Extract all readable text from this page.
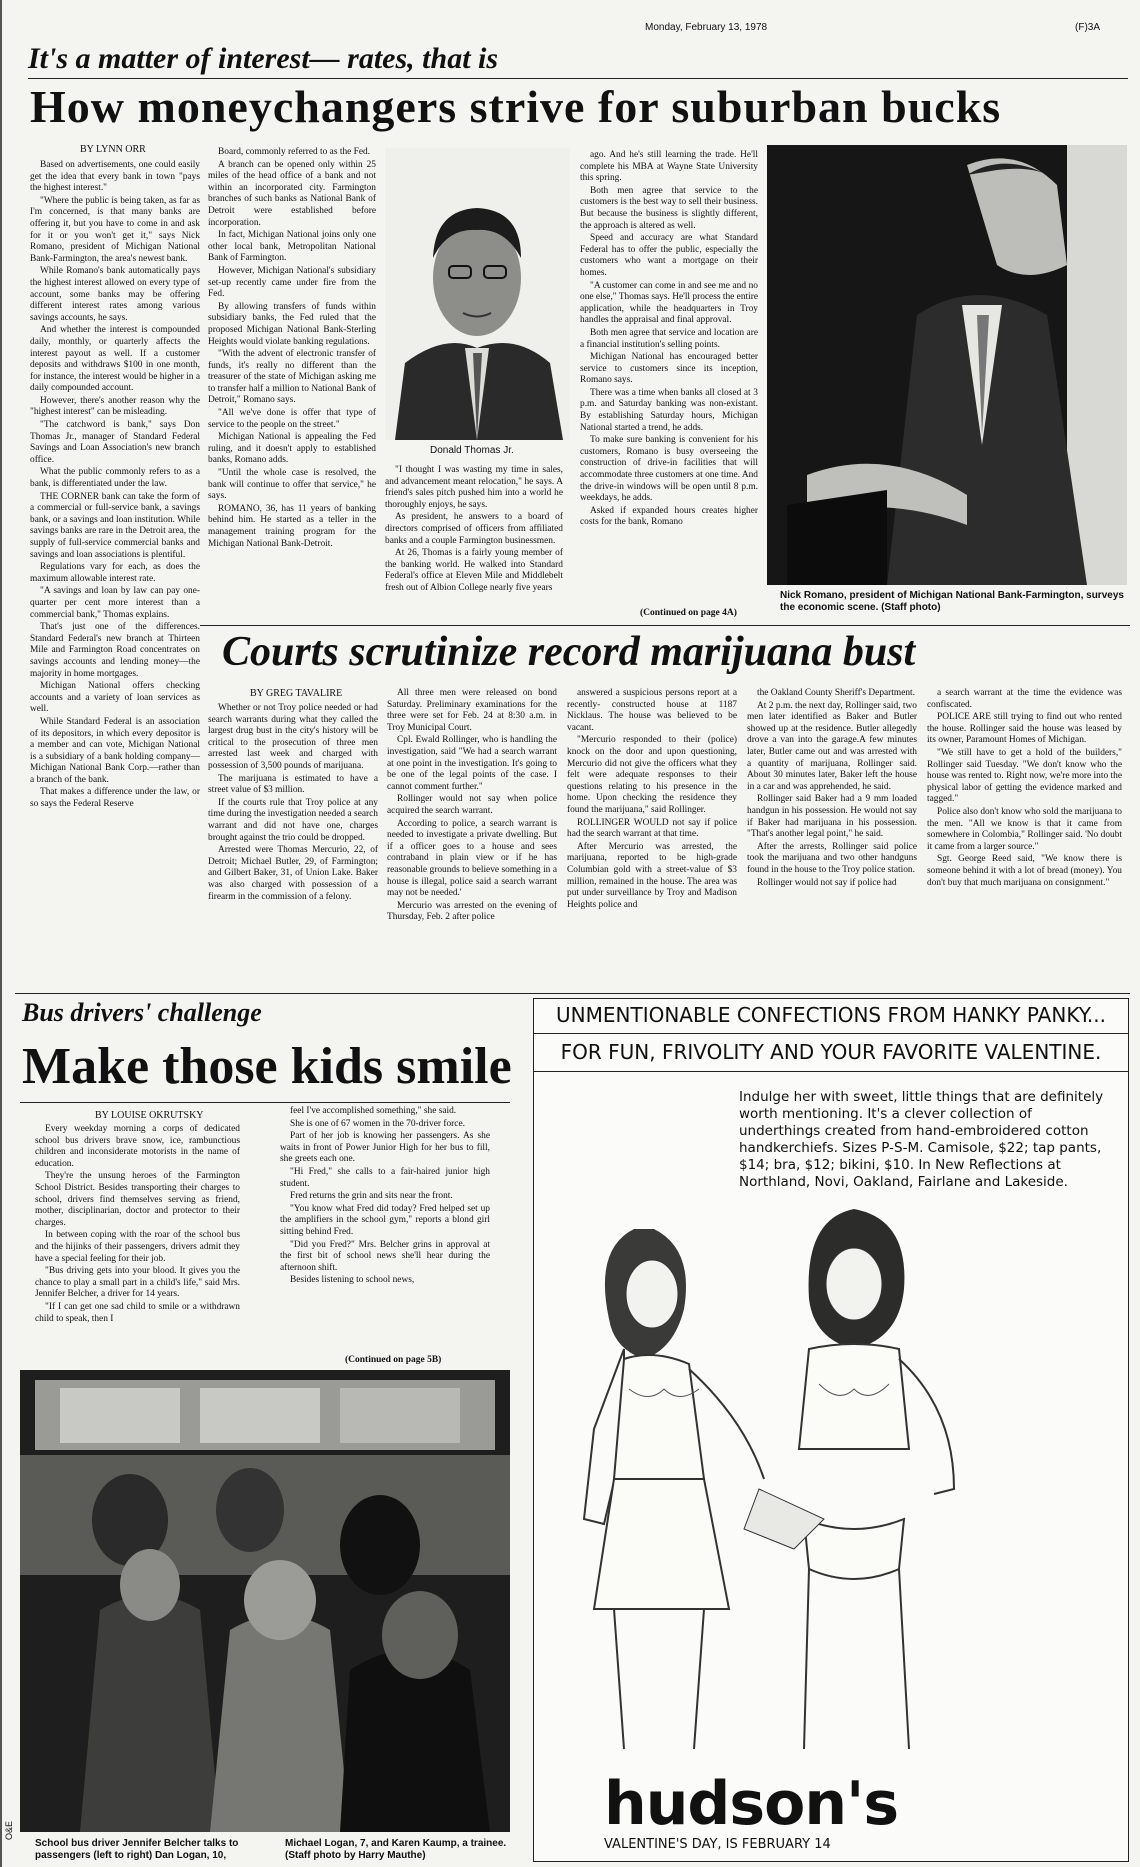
Monday, February 13, 1978	(F)3A
It's a matter of interest— rates, that is
How moneychangers strive for suburban bucks
BY LYNN ORR

Based on advertisements, one could easily get the idea that every bank in town "pays the highest interest."

"Where the public is being taken, as far as I'm concerned, is that many banks are offering it, but you have to come in and ask for it or you won't get it," says Nick Romano, president of Michigan National Bank-Farmington, the area's newest bank.

While Romano's bank automatically pays the highest interest allowed on every type of account, some banks may be offering different interest rates among various savings accounts, he says.

And whether the interest is compounded daily, monthly, or quarterly affects the interest payout as well. If a customer deposits and withdraws $100 in one month, for instance, the interest would be higher in a daily compounded account.

However, there's another reason why the "highest interest" can be misleading.

"The catchword is bank," says Don Thomas Jr., manager of Standard Federal Savings and Loan Association's new branch office.

What the public commonly refers to as a bank, is differentiated under the law.

THE CORNER bank can take the form of a commercial or full-service bank, a savings bank, or a savings and loan institution. While savings banks are rare in the Detroit area, the supply of full-service commercial banks and savings and loan associations is plentiful.

Regulations vary for each, as does the maximum allowable interest rate.

"A savings and loan by law can pay one-quarter per cent more interest than a commercial bank," Thomas explains.

That's just one of the differences. Standard Federal's new branch at Thirteen Mile and Farmington Road concentrates on savings accounts and lending money—the majority in home mortgages.

Michigan National offers checking accounts and a variety of loan services as well.

While Standard Federal is an association of its depositors, in which every depositor is a member and can vote, Michigan National is a subsidiary of a bank holding company—Michigan National Bank Corp.—rather than a branch of the bank.

That makes a difference under the law, or so says the Federal Reserve

Board, commonly referred to as the Fed.

A branch can be opened only within 25 miles of the head office of a bank and not within an incorporated city. Farmington branches of such banks as National Bank of Detroit were established before incorporation.

In fact, Michigan National joins only one other local bank, Metropolitan National Bank of Farmington.

However, Michigan National's subsidiary set-up recently came under fire from the Fed.

By allowing transfers of funds within subsidiary banks, the Fed ruled that the proposed Michigan National Bank-Sterling Heights would violate banking regulations.

"With the advent of electronic transfer of funds, it's really no different than the treasurer of the state of Michigan asking me to transfer half a million to National Bank of Detroit," Romano says.

"All we've done is offer that type of service to the people on the street."

Michigan National is appealing the Fed ruling, and it doesn't apply to established banks, Romano adds.

"Until the whole case is resolved, the bank will continue to offer that service," he says.

ROMANO, 36, has 11 years of banking behind him. He started as a teller in the management training program for the Michigan National Bank-Detroit.

Donald Thomas Jr.

"I thought I was wasting my time in sales, and advancement meant relocation," he says. A friend's sales pitch pushed him into a world he thoroughly enjoys, he says.

As president, he answers to a board of directors comprised of officers from affiliated banks and a couple Farmington businessmen.

At 26, Thomas is a fairly young member of the banking world. He walked into Standard Federal's office at Eleven Mile and Middlebelt fresh out of Albion College nearly five years

ago. And he's still learning the trade. He'll complete his MBA at Wayne State University this spring.

Both men agree that service to the customers is the best way to sell their business. But because the business is slightly different, the approach is altered as well.

Speed and accuracy are what Standard Federal has to offer the public, especially the customers who want a mortgage on their homes.

"A customer can come in and see me and no one else," Thomas says. He'll process the entire application, while the headquarters in Troy handles the appraisal and final approval.

Both men agree that service and location are a financial institution's selling points.

Michigan National has encouraged better service to customers since its inception, Romano says.

There was a time when banks all closed at 3 p.m. and Saturday banking was non-existant. By establishing Saturday hours, Michigan National started a trend, he adds.

To make sure banking is convenient for his customers, Romano is busy overseeing the construction of drive-in facilities that will accommodate three customers at one time. And the drive-in windows will be open until 8 p.m. weekdays, he adds.

Asked if expanded hours creates higher costs for the bank, Romano

(Continued on page 4A)
Nick Romano, president of Michigan National Bank-Farmington, surveys the economic scene. (Staff photo)
Courts scrutinize record marijuana bust
BY GREG TAVALIRE

Whether or not Troy police needed or had search warrants during what they called the largest drug bust in the city's history will be critical to the prosecution of three men arrested last week and charged with possession of 3,500 pounds of marijuana.

The marijuana is estimated to have a street value of $3 million.

If the courts rule that Troy police at any time during the investigation needed a search warrant and did not have one, charges brought against the trio could be dropped.

Arrested were Thomas Mercurio, 22, of Detroit; Michael Butler, 29, of Farmington; and Gilbert Baker, 31, of Union Lake. Baker was also charged with possession of a firearm in the commission of a felony.

All three men were released on bond Saturday. Preliminary examinations for the three were set for Feb. 24 at 8:30 a.m. in Troy Municipal Court.

Cpl. Ewald Rollinger, who is handling the investigation, said "We had a search warrant at one point in the investigation. It's going to be one of the legal points of the case. I cannot comment further."

Rollinger would not say when police acquired the search warrant.

According to police, a search warrant is needed to investigate a private dwelling. But if a officer goes to a house and sees contraband in plain view or if he has reasonable grounds to believe something in a house is illegal, police said a search warrant may not be needed.'

Mercurio was arrested on the evening of Thursday, Feb. 2 after police

answered a suspicious persons report at a recently- constructed house at 1187 Nicklaus. The house was believed to be vacant.

"Mercurio responded to their (police) knock on the door and upon questioning, Mercurio did not give the officers what they felt were adequate responses to their questions relating to his presence in the home. Upon checking the residence they found the marijuana," said Rollinger.

ROLLINGER WOULD not say if police had the search warrant at that time.

After Mercurio was arrested, the marijuana, reported to be high-grade Columbian gold with a street-value of $3 million, remained in the house. The area was put under surveillance by Troy and Madison Heights police and

the Oakland County Sheriff's Department.

At 2 p.m. the next day, Rollinger said, two men later identified as Baker and Butler showed up at the residence. Butler allegedly drove a van into the garage.A few minutes later, Butler came out and was arrested with a quantity of marijuana, Rollinger said. About 30 minutes later, Baker left the house in a car and was apprehended, he said.

Rollinger said Baker had a 9 mm loaded handgun in his possession. He would not say if Baker had marijuana in his possession. "That's another legal point," he said.

After the arrests, Rollinger said police took the marijuana and two other handguns found in the house to the Troy police station.

Rollinger would not say if police had

a search warrant at the time the evidence was confiscated.

POLICE ARE still trying to find out who rented the house. Rollinger said the house was leased by its owner, Paramount Homes of Michigan.

"We still have to get a hold of the builders," Rollinger said Tuesday. "We don't know who the house was rented to. Right now, we're more into the physical labor of getting the evidence marked and tagged."

Police also don't know who sold the marijuana to the men. "All we know is that it came from somewhere in Colombia," Rollinger said. 'No doubt it came from a larger source."

Sgt. George Reed said, "We know there is someone behind it with a lot of bread (money). You don't buy that much marijuana on consignment."

Bus drivers' challenge
Make those kids smile
BY LOUISE OKRUTSKY

Every weekday morning a corps of dedicated school bus drivers brave snow, ice, rambunctious children and inconsiderate motorists in the name of education.

They're the unsung heroes of the Farmington School District. Besides transporting their charges to school, drivers find themselves serving as friend, mother, disciplinarian, doctor and protector to their charges.

In between coping with the roar of the school bus and the hijinks of their passengers, drivers admit they have a special feeling for their job.

"Bus driving gets into your blood. It gives you the chance to play a small part in a child's life," said Mrs. Jennifer Belcher, a driver for 14 years.

"If I can get one sad child to smile or a withdrawn child to speak, then I

feel I've accomplished something," she said.

She is one of 67 women in the 70-driver force.

Part of her job is knowing her passengers. As she waits in front of Power Junior High for her bus to fill, she greets each one.

"Hi Fred," she calls to a fair-haired junior high student.

Fred returns the grin and sits near the front.

"You know what Fred did today? Fred helped set up the amplifiers in the school gym," reports a blond girl sitting behind Fred.

"Did you Fred?" Mrs. Belcher grins in approval at the first bit of school news she'll hear during the afternoon shift.

Besides listening to school news,

(Continued on page 5B)
School bus driver Jennifer Belcher talks to passengers (left to right) Dan Logan, 10,
Michael Logan, 7, and Karen Kaump, a trainee. (Staff photo by Harry Mauthe)
O&E
UNMENTIONABLE CONFECTIONS FROM HANKY PANKY...
FOR FUN, FRIVOLITY AND YOUR FAVORITE VALENTINE.
Indulge her with sweet, little things that are definitely worth mentioning. It's a clever collection of underthings created from hand-embroidered cotton handkerchiefs. Sizes P-S-M. Camisole, $22; tap pants, $14; bra, $12; bikini, $10. In New Reflections at Northland, Novi, Oakland, Fairlane and Lakeside.
hudson's
VALENTINE'S DAY, IS FEBRUARY 14
